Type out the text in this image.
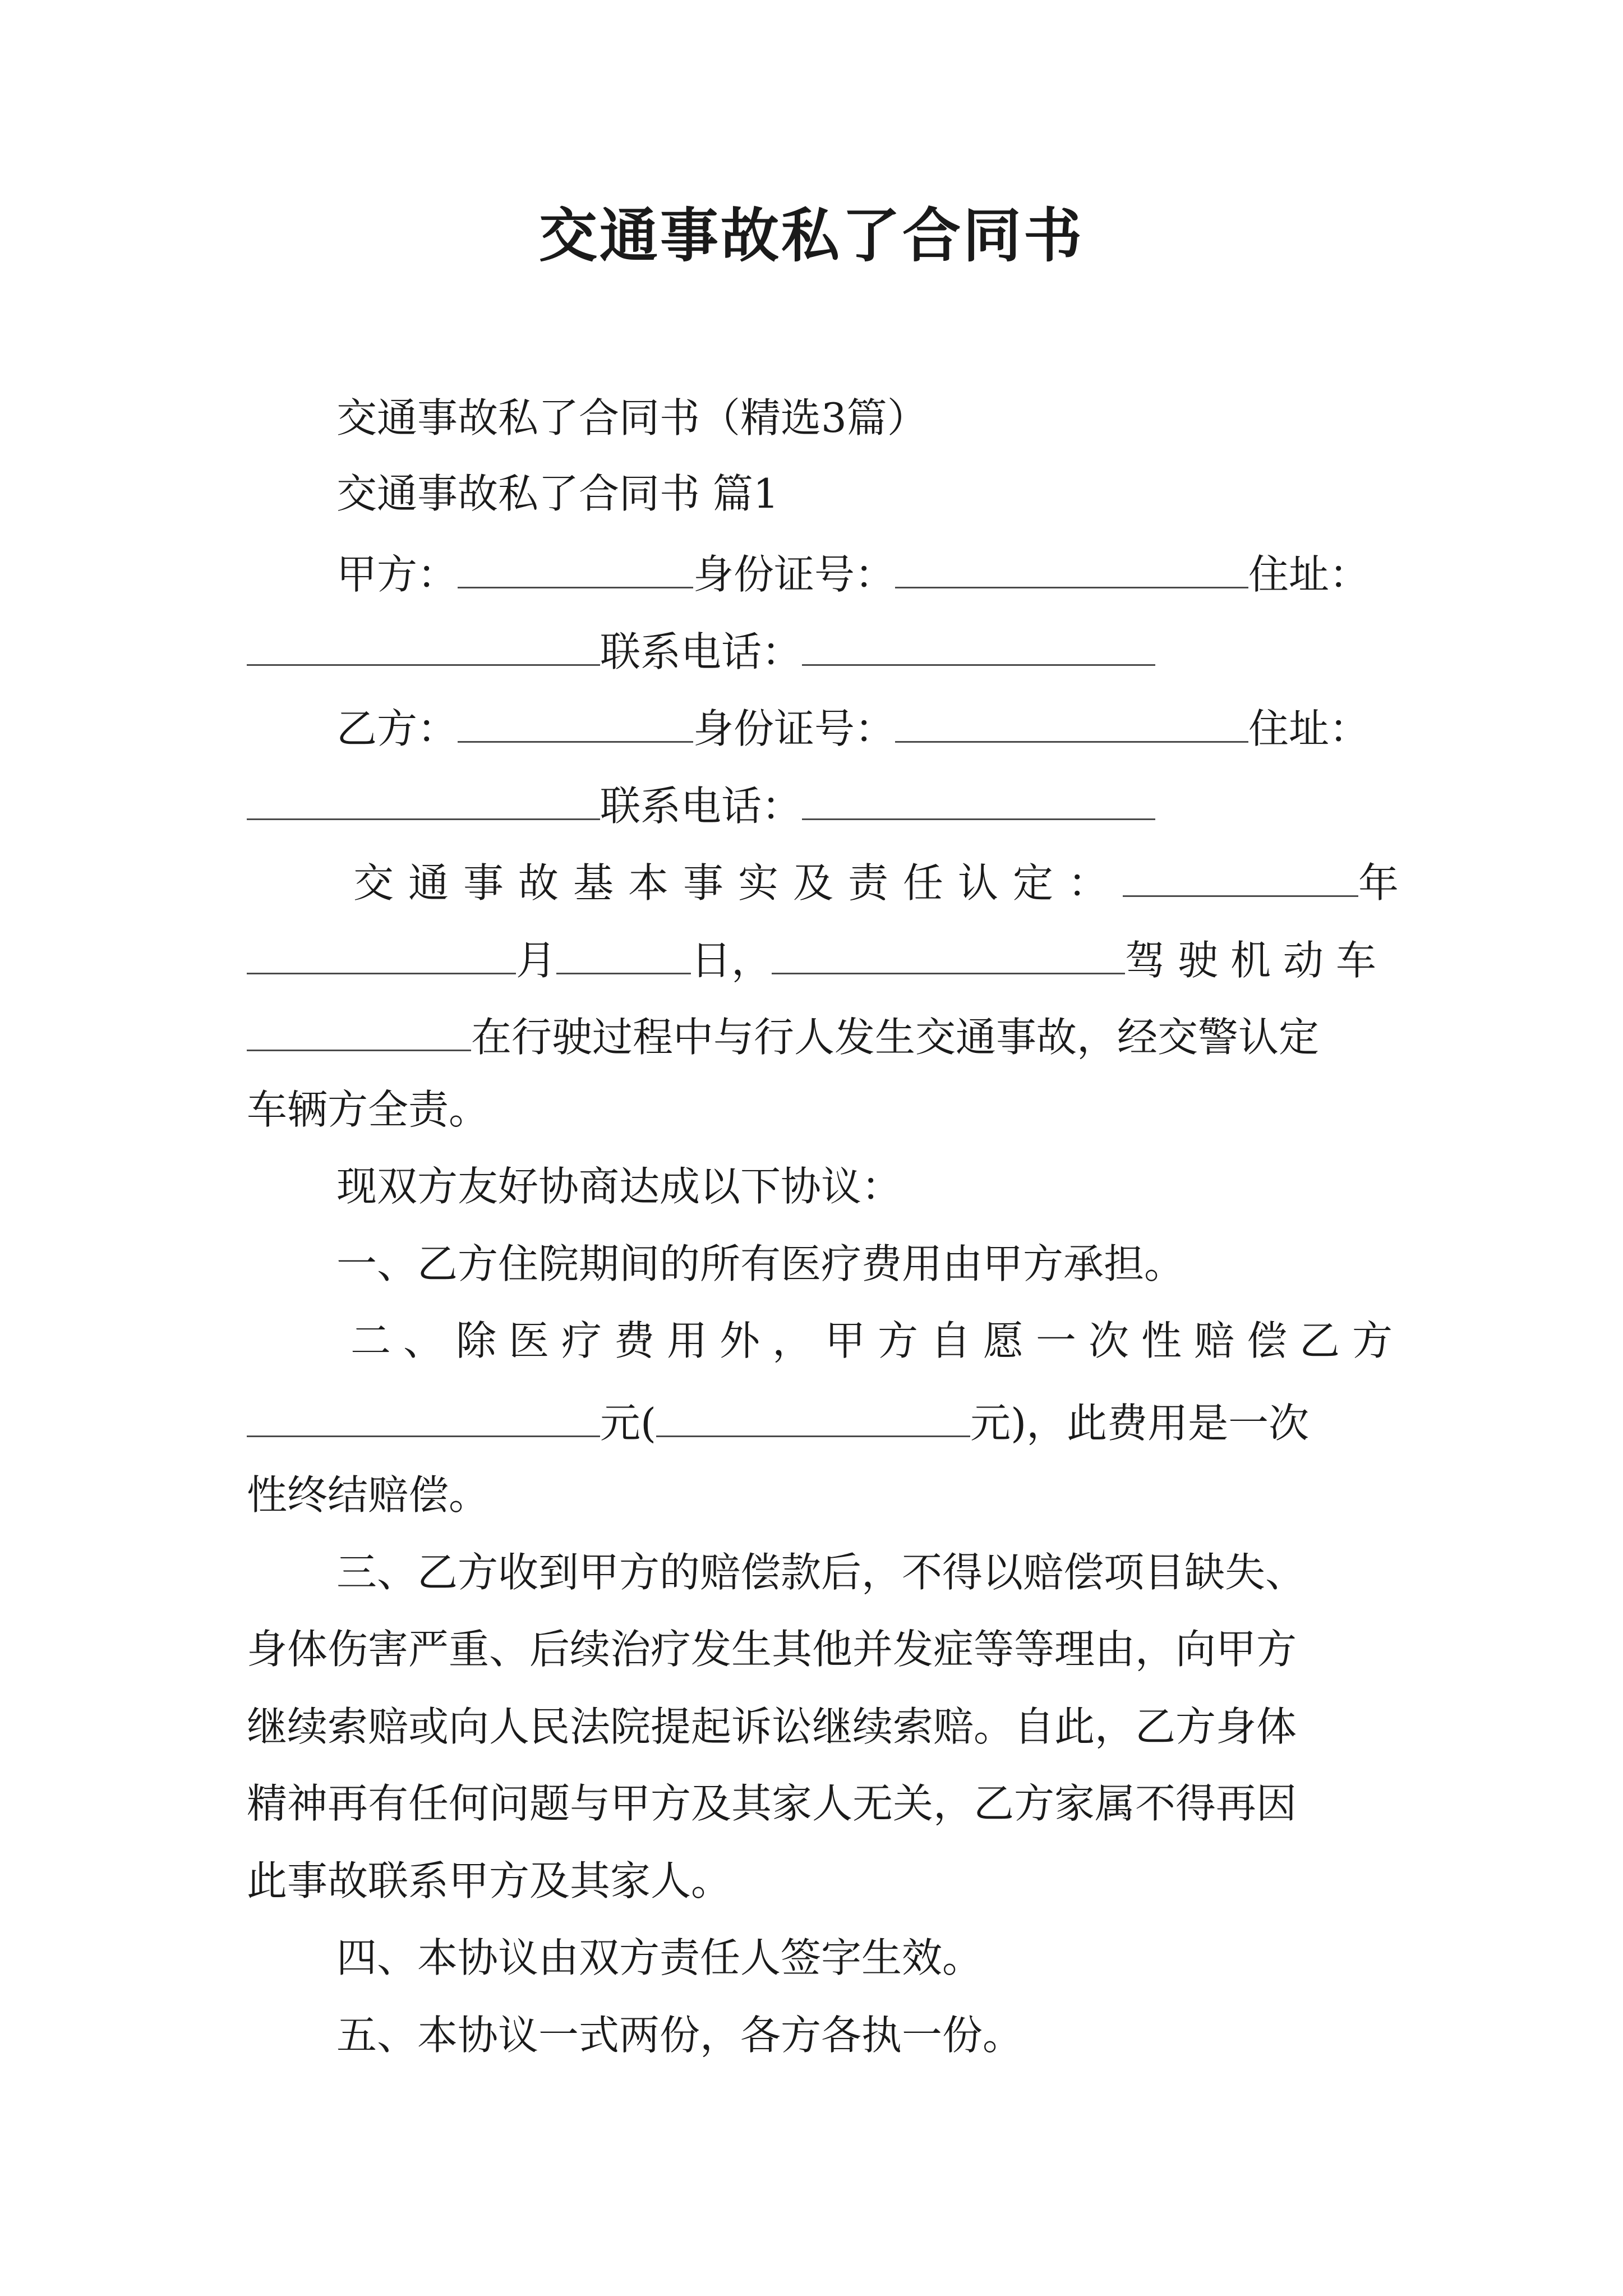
交通事故私了合同书
交通事故私了合同书（精选3篇）
交通事故私了合同书 篇1
甲方：	身份证号：	住址：
联系电话：
乙方：	身份证号：	住址：
联系电话：
交通事故基本事实及责任认定：	年
月	日，	驾驶机动车
在行驶过程中与行人发生交通事故，经交警认定
车辆方全责。
现双方友好协商达成以下协议：
一、乙方住院期间的所有医疗费用由甲方承担。
二、除医疗费用外，甲方自愿一次性赔偿乙方
元(	元)，此费用是一次
性终结赔偿。
三、乙方收到甲方的赔偿款后，不得以赔偿项目缺失、
身体伤害严重、后续治疗发生其他并发症等等理由，向甲方
继续索赔或向人民法院提起诉讼继续索赔。自此，乙方身体
精神再有任何问题与甲方及其家人无关，乙方家属不得再因
此事故联系甲方及其家人。
四、本协议由双方责任人签字生效。
五、本协议一式两份，各方各执一份。
